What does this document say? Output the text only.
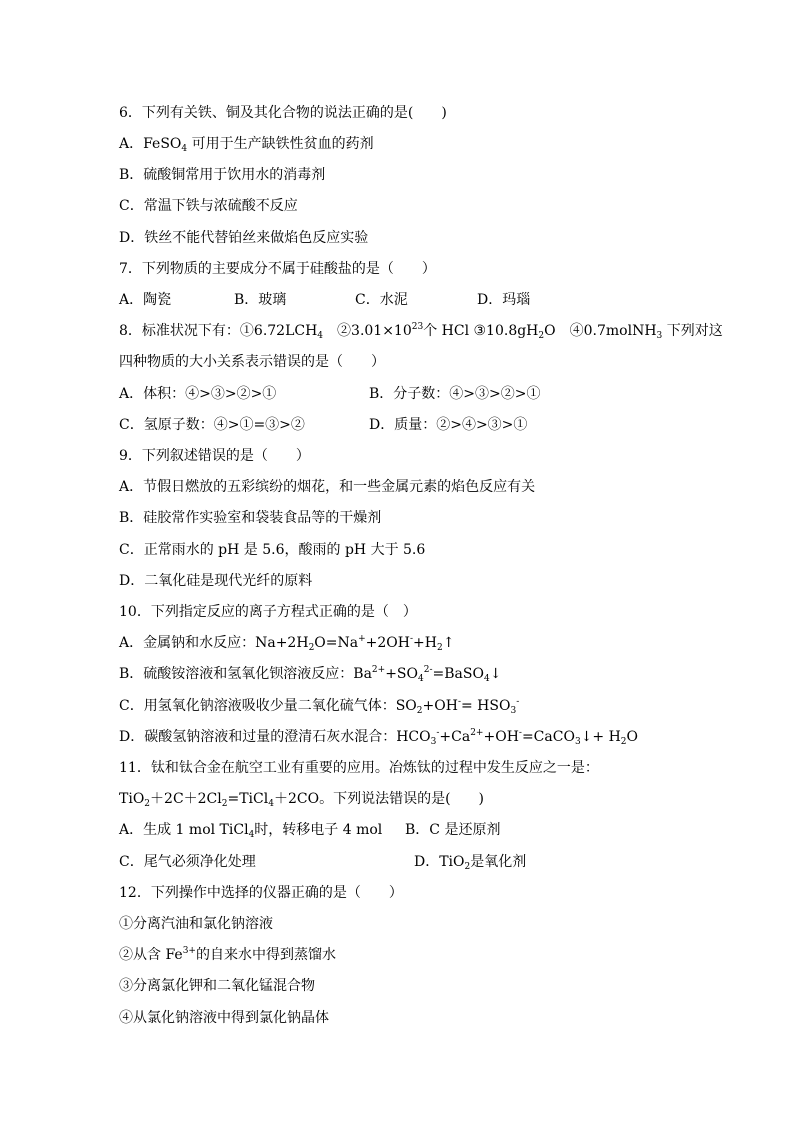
6．下列有关铁、铜及其化合物的说法正确的是(　　)
A．FeSO$_4$ 可用于生产缺铁性贫血的药剂
B．硫酸铜常用于饮用水的消毒剂
C．常温下铁与浓硫酸不反应
D．铁丝不能代替铂丝来做焰色反应实验
7．下列物质的主要成分不属于硅酸盐的是（　　）
A．陶瓷	B．玻璃	C．水泥	D．玛瑙
8．标准状况下有：$①6.72LCH_4$　$②3.01\times 10^{23}$个 HCl $③10.8gH_2O$　④0.7molNH$_3$ 下列对这
四种物质的大小关系表示错误的是（　　）
A．体积：④>③>②>①	B．分子数：④>③>②>①
C．氢原子数：④>①=③>②	D．质量：②>④>③>①
9．下列叙述错误的是（　　）
A．节假日燃放的五彩缤纷的烟花，和一些金属元素的焰色反应有关
B．硅胶常作实验室和袋装食品等的干燥剂
C．正常雨水的 pH 是 5.6，酸雨的 pH 大于 5.6
D．二氧化硅是现代光纤的原料
10．下列指定反应的离子方程式正确的是（　）
A．金属钠和水反应：$Na+2H_2O=Na^++2OH^-+H_2↑$
B．硫酸铵溶液和氢氧化钡溶液反应：$Ba^{2+}+SO_4^{2-}=BaSO_4↓$
C．用氢氧化钠溶液吸收少量二氧化硫气体：$SO_2+OH^-= HSO_3^-$
D．碳酸氢钠溶液和过量的澄清石灰水混合：$HCO_3^-+Ca^{2+}+OH^-=CaCO_3↓+ H_2O$
11．钛和钛合金在航空工业有重要的应用。冶炼钛的过程中发生反应之一是：
$TiO_2+2C+2Cl_2=TiCl_4+2CO$。下列说法错误的是(　　)
A．生成 1 mol TiCl$_4$时，转移电子 4 mol B．C 是还原剂
C．尾气必须净化处理	D．TiO$_2$是氧化剂
12．下列操作中选择的仪器正确的是（　　）
①分离汽油和氯化钠溶液
②从含 $Fe^{3+}$的自来水中得到蒸馏水
③分离氯化钾和二氧化锰混合物
④从氯化钠溶液中得到氯化钠晶体
